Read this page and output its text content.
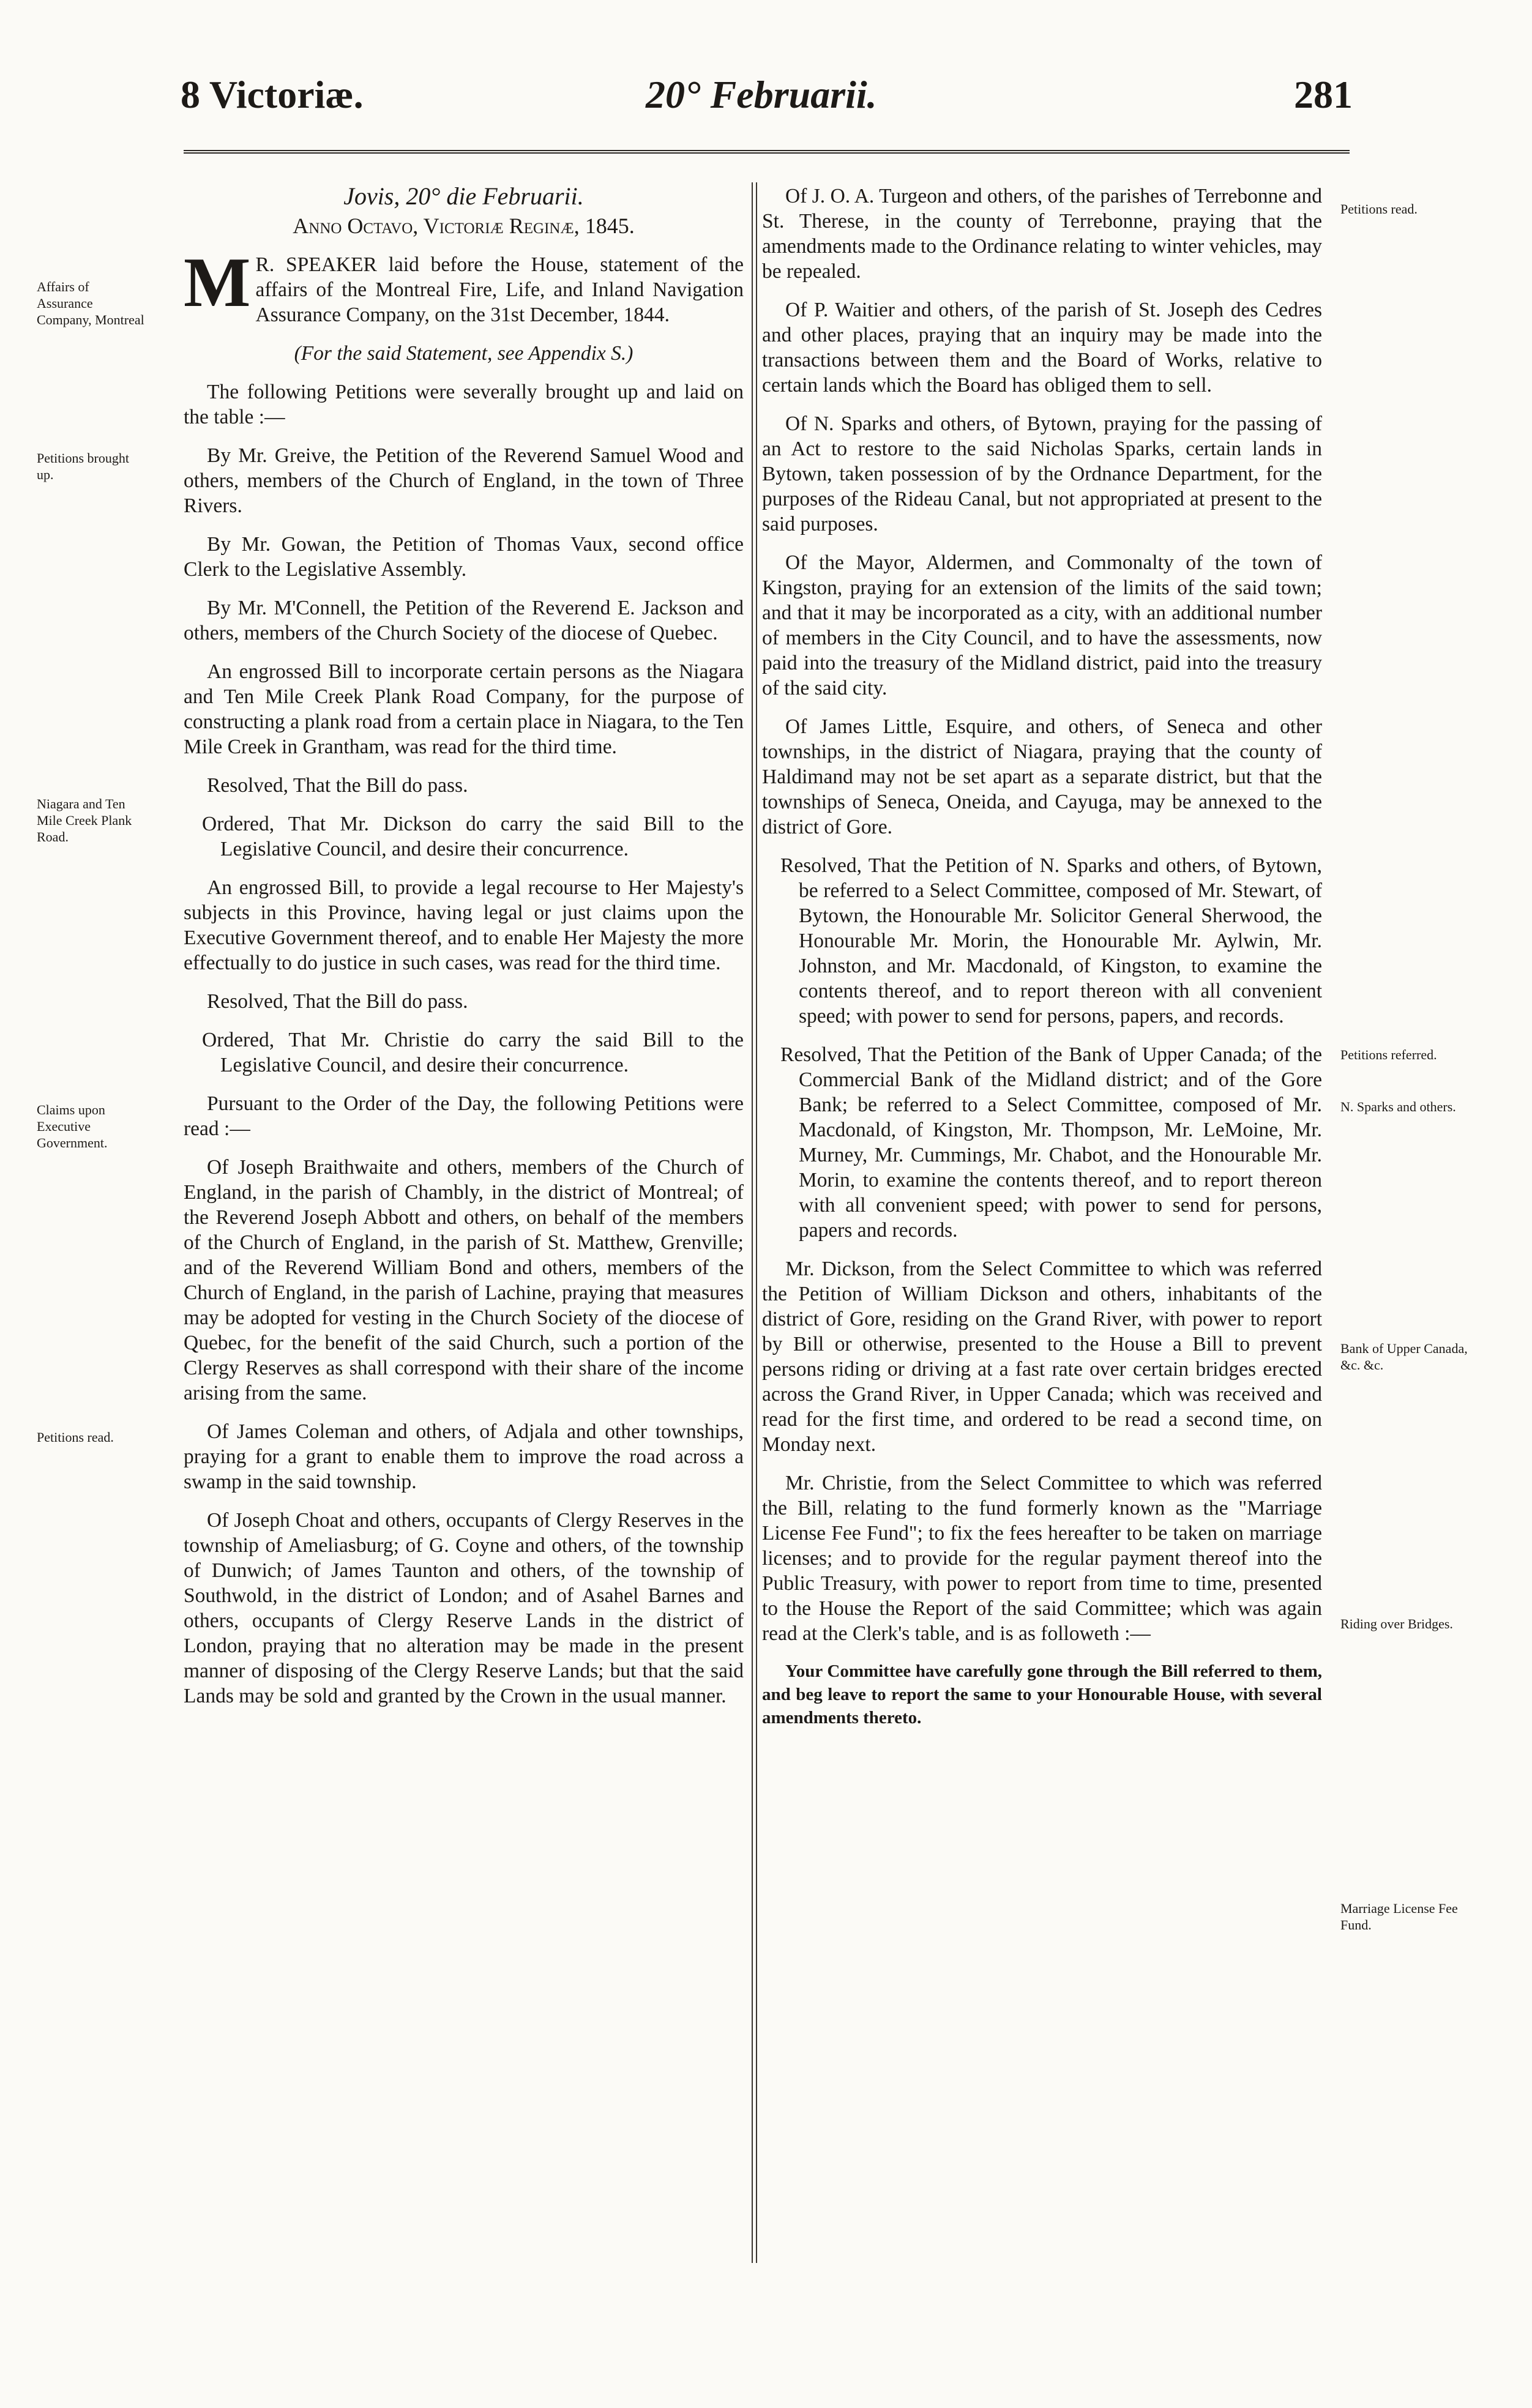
8 Victoriæ.	20° Februarii.	281
Affairs of Assurance Company, Montreal
Petitions brought up.
Niagara and Ten Mile Creek Plank Road.
Claims upon Executive Government.
Petitions read.
Petitions read.
Petitions referred.
N. Sparks and others.
Bank of Upper Canada, &c. &c.
Riding over Bridges.
Marriage License Fee Fund.

Jovis, 20° die Februarii.

Anno Octavo, Victoriæ Reginæ, 1845.

M R. SPEAKER laid before the House, statement of the affairs of the Montreal Fire, Life, and Inland Navigation Assurance Company, on the 31st December, 1844.

(For the said Statement, see Appendix S.)

The following Petitions were severally brought up and laid on the table :—

By Mr. Greive, the Petition of the Reverend Samuel Wood and others, members of the Church of England, in the town of Three Rivers.

By Mr. Gowan, the Petition of Thomas Vaux, second office Clerk to the Legislative Assembly.

By Mr. M'Connell, the Petition of the Reverend E. Jackson and others, members of the Church Society of the diocese of Quebec.

An engrossed Bill to incorporate certain persons as the Niagara and Ten Mile Creek Plank Road Company, for the purpose of constructing a plank road from a certain place in Niagara, to the Ten Mile Creek in Grantham, was read for the third time.

Resolved, That the Bill do pass.

Ordered, That Mr. Dickson do carry the said Bill to the Legislative Council, and desire their concurrence.

An engrossed Bill, to provide a legal recourse to Her Majesty's subjects in this Province, having legal or just claims upon the Executive Government thereof, and to enable Her Majesty the more effectually to do justice in such cases, was read for the third time.

Resolved, That the Bill do pass.

Ordered, That Mr. Christie do carry the said Bill to the Legislative Council, and desire their concurrence.

Pursuant to the Order of the Day, the following Petitions were read :—

Of Joseph Braithwaite and others, members of the Church of England, in the parish of Chambly, in the district of Montreal; of the Reverend Joseph Abbott and others, on behalf of the members of the Church of England, in the parish of St. Matthew, Grenville; and of the Reverend William Bond and others, members of the Church of England, in the parish of Lachine, praying that measures may be adopted for vesting in the Church Society of the diocese of Quebec, for the benefit of the said Church, such a portion of the Clergy Reserves as shall correspond with their share of the income arising from the same.

Of James Coleman and others, of Adjala and other townships, praying for a grant to enable them to improve the road across a swamp in the said township.

Of Joseph Choat and others, occupants of Clergy Reserves in the township of Ameliasburg; of G. Coyne and others, of the township of Dunwich; of James Taunton and others, of the township of Southwold, in the district of London; and of Asahel Barnes and others, occupants of Clergy Reserve Lands in the district of London, praying that no alteration may be made in the present manner of disposing of the Clergy Reserve Lands; but that the said Lands may be sold and granted by the Crown in the usual manner.

Of J. O. A. Turgeon and others, of the parishes of Terrebonne and St. Therese, in the county of Terrebonne, praying that the amendments made to the Ordinance relating to winter vehicles, may be repealed.

Of P. Waitier and others, of the parish of St. Joseph des Cedres and other places, praying that an inquiry may be made into the transactions between them and the Board of Works, relative to certain lands which the Board has obliged them to sell.

Of N. Sparks and others, of Bytown, praying for the passing of an Act to restore to the said Nicholas Sparks, certain lands in Bytown, taken possession of by the Ordnance Department, for the purposes of the Rideau Canal, but not appropriated at present to the said purposes.

Of the Mayor, Aldermen, and Commonalty of the town of Kingston, praying for an extension of the limits of the said town; and that it may be incorporated as a city, with an additional number of members in the City Council, and to have the assessments, now paid into the treasury of the Midland district, paid into the treasury of the said city.

Of James Little, Esquire, and others, of Seneca and other townships, in the district of Niagara, praying that the county of Haldimand may not be set apart as a separate district, but that the townships of Seneca, Oneida, and Cayuga, may be annexed to the district of Gore.

Resolved, That the Petition of N. Sparks and others, of Bytown, be referred to a Select Committee, composed of Mr. Stewart, of Bytown, the Honourable Mr. Solicitor General Sherwood, the Honourable Mr. Morin, the Honourable Mr. Aylwin, Mr. Johnston, and Mr. Macdonald, of Kingston, to examine the contents thereof, and to report thereon with all convenient speed; with power to send for persons, papers, and records.

Resolved, That the Petition of the Bank of Upper Canada; of the Commercial Bank of the Midland district; and of the Gore Bank; be referred to a Select Committee, composed of Mr. Macdonald, of Kingston, Mr. Thompson, Mr. LeMoine, Mr. Murney, Mr. Cummings, Mr. Chabot, and the Honourable Mr. Morin, to examine the contents thereof, and to report thereon with all convenient speed; with power to send for persons, papers and records.

Mr. Dickson, from the Select Committee to which was referred the Petition of William Dickson and others, inhabitants of the district of Gore, residing on the Grand River, with power to report by Bill or otherwise, presented to the House a Bill to prevent persons riding or driving at a fast rate over certain bridges erected across the Grand River, in Upper Canada; which was received and read for the first time, and ordered to be read a second time, on Monday next.

Mr. Christie, from the Select Committee to which was referred the Bill, relating to the fund formerly known as the "Marriage License Fee Fund"; to fix the fees hereafter to be taken on marriage licenses; and to provide for the regular payment thereof into the Public Treasury, with power to report from time to time, presented to the House the Report of the said Committee; which was again read at the Clerk's table, and is as followeth :—

Your Committee have carefully gone through the Bill referred to them, and beg leave to report the same to your Honourable House, with several amendments thereto.
